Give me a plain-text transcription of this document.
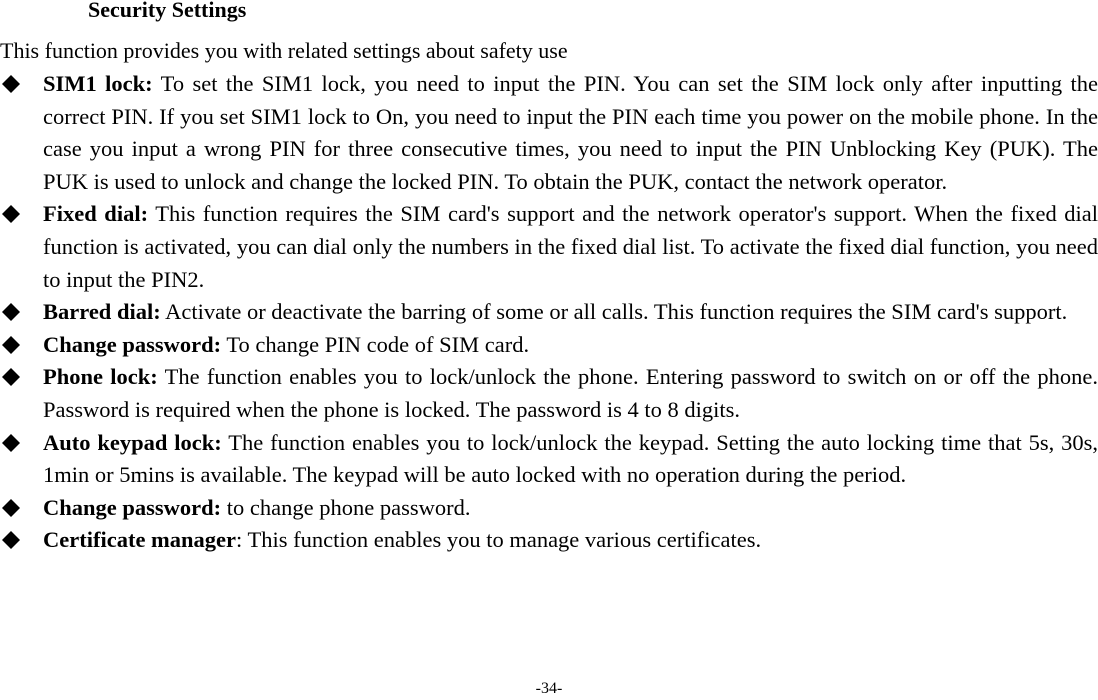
Security Settings
This function provides you with related settings about safety use
SIM1 lock: To set the SIM1 lock, you need to input the PIN. You can set the SIM lock only after inputting the correct PIN. If you set SIM1 lock to On, you need to input the PIN each time you power on the mobile phone. In the case you input a wrong PIN for three consecutive times, you need to input the PIN Unblocking Key (PUK). The PUK is used to unlock and change the locked PIN. To obtain the PUK, contact the network operator.
Fixed dial: This function requires the SIM card's support and the network operator's support. When the fixed dial function is activated, you can dial only the numbers in the fixed dial list. To activate the fixed dial function, you need to input the PIN2.
Barred dial: Activate or deactivate the barring of some or all calls. This function requires the SIM card's support.
Change password: To change PIN code of SIM card.
Phone lock: The function enables you to lock/unlock the phone. Entering password to switch on or off the phone. Password is required when the phone is locked. The password is 4 to 8 digits.
Auto keypad lock: The function enables you to lock/unlock the keypad. Setting the auto locking time that 5s, 30s, 1min or 5mins is available. The keypad will be auto locked with no operation during the period.
Change password: to change phone password.
Certificate manager: This function enables you to manage various certificates.
-34-
